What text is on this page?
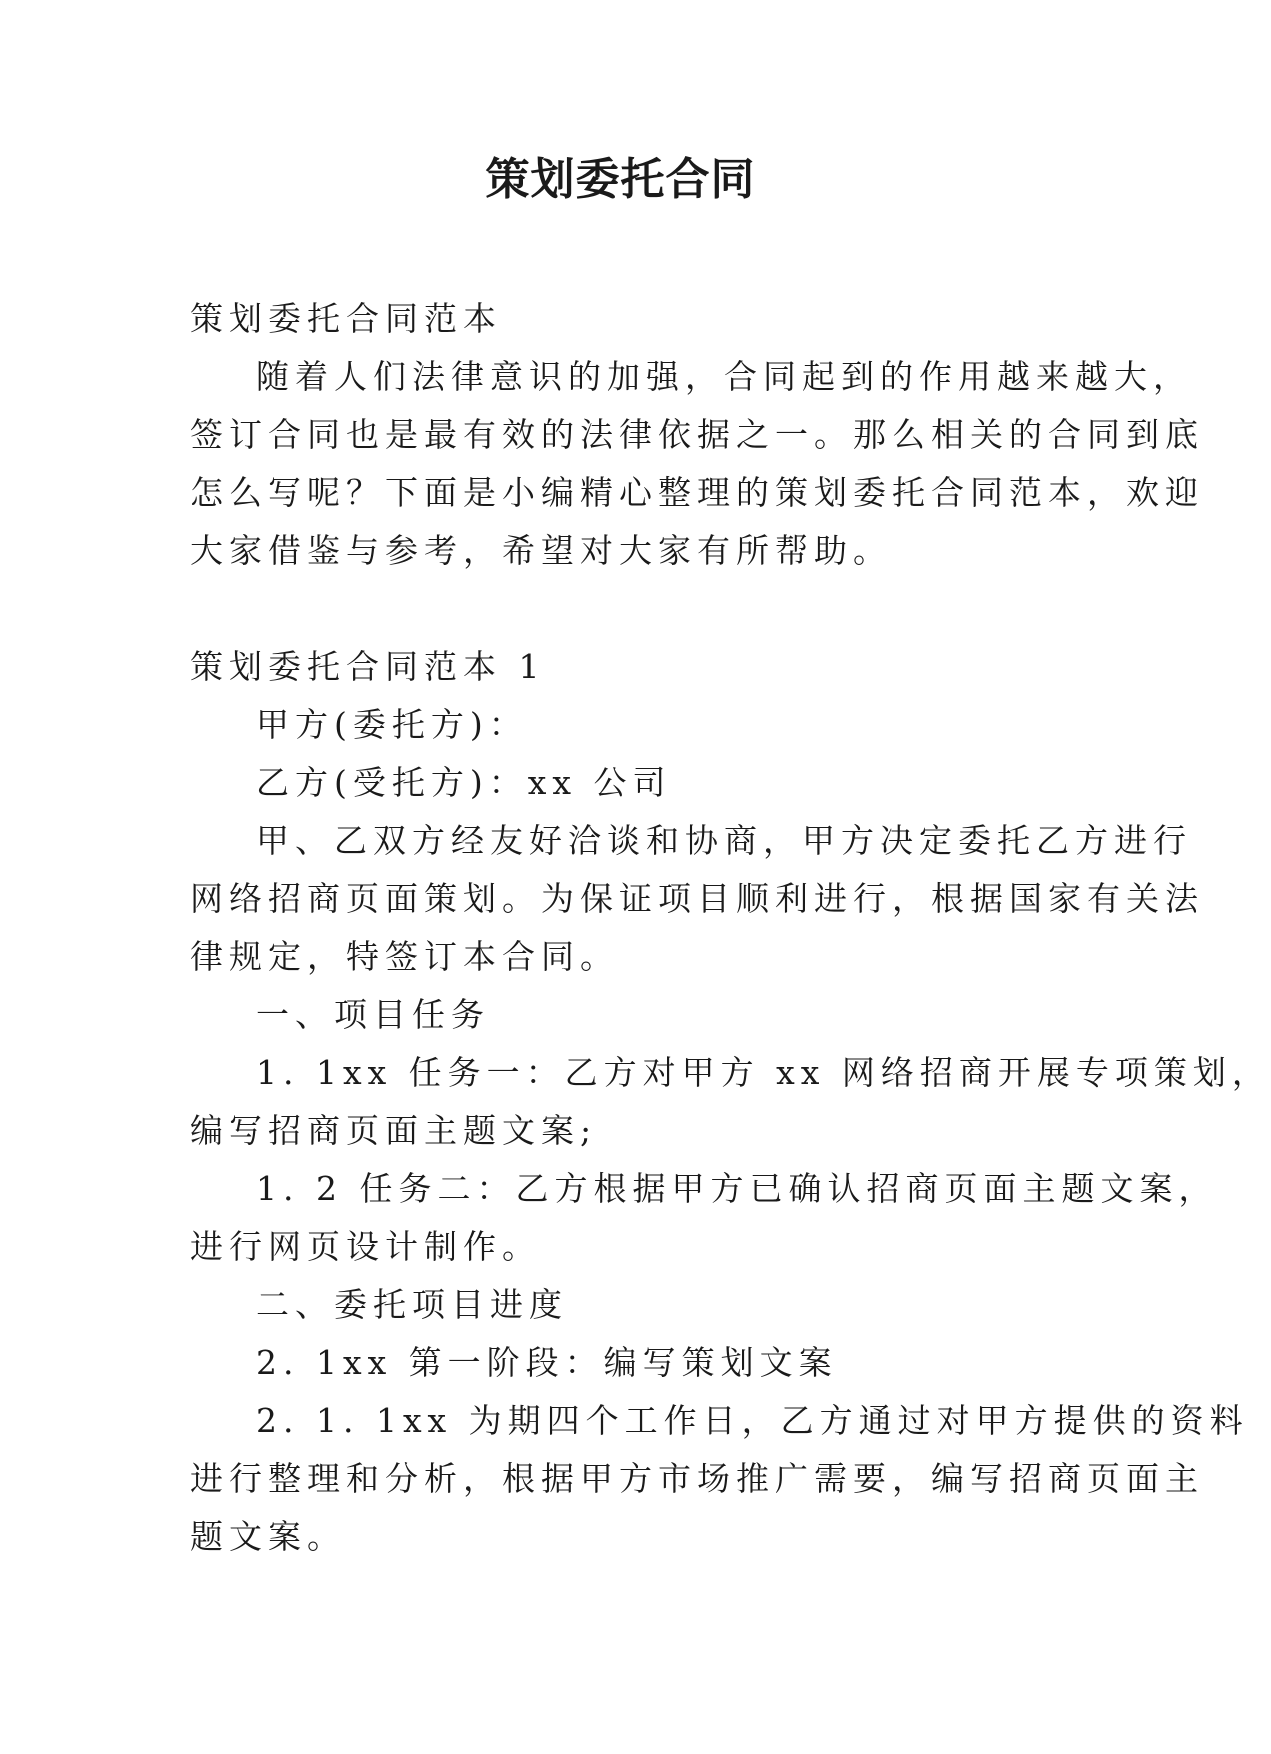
策划委托合同

策划委托合同范本

随着人们法律意识的加强，合同起到的作用越来越大，

签订合同也是最有效的法律依据之一。那么相关的合同到底

怎么写呢？下面是小编精心整理的策划委托合同范本，欢迎

大家借鉴与参考，希望对大家有所帮助。

策划委托合同范本 1

甲方(委托方)：

乙方(受托方)：xx 公司

甲、乙双方经友好洽谈和协商，甲方决定委托乙方进行

网络招商页面策划。为保证项目顺利进行，根据国家有关法

律规定，特签订本合同。

一、项目任务

1. 1xx 任务一：乙方对甲方 xx 网络招商开展专项策划，

编写招商页面主题文案;

1. 2 任务二：乙方根据甲方已确认招商页面主题文案，

进行网页设计制作。

二、委托项目进度

2. 1xx 第一阶段：编写策划文案

2. 1. 1xx 为期四个工作日，乙方通过对甲方提供的资料

进行整理和分析，根据甲方市场推广需要，编写招商页面主

题文案。
